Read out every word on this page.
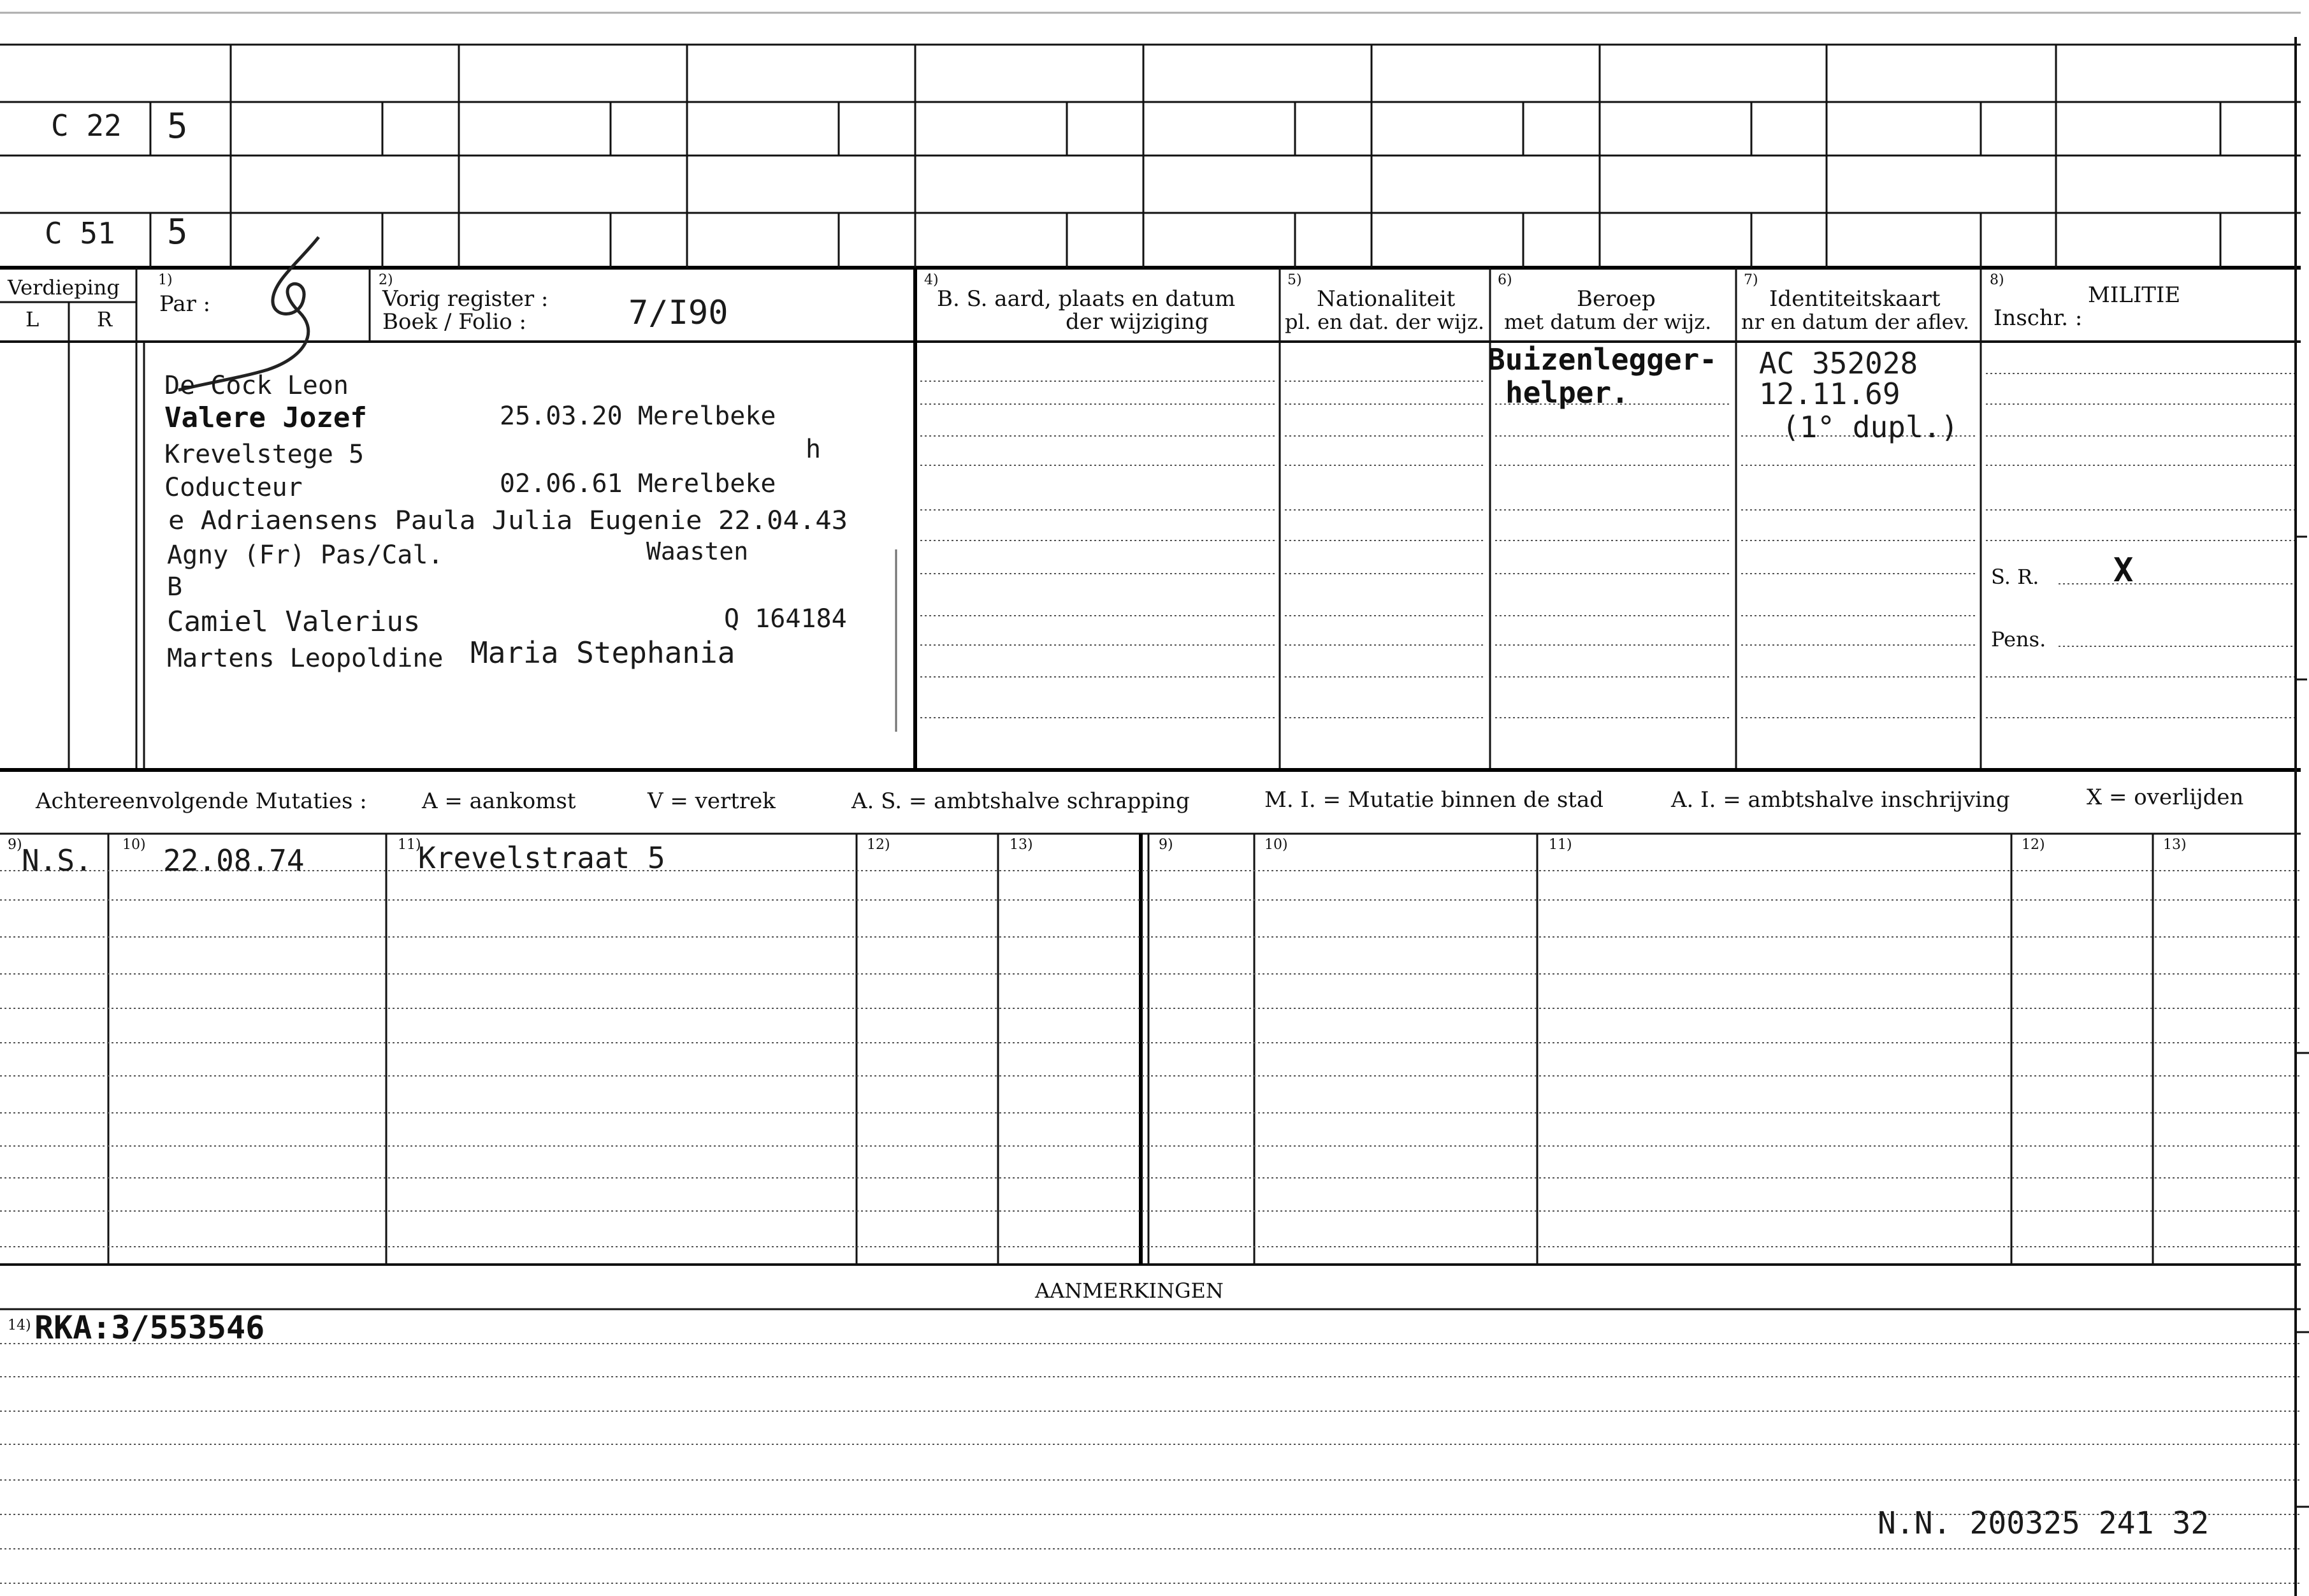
C 22 5
C 51 5
Verdieping
L	R
1)
Par :
2)
Vorig register :
Boek / Folio :	7/I90
4)
B. S. aard, plaats en datum
der wijziging
5)
Nationaliteit
pl. en dat. der wijz.
6)
Beroep
met datum der wijz.
7)
Identiteitskaart
nr en datum der aflev.
8)
MILITIE
Inschr. :
S. R. X
Pens.
De Cock Leon
Valere Jozef	25.03.20 Merelbeke
Krevelstege 5	h
Coducteur	02.06.61 Merelbeke
e Adriaensens Paula Julia Eugenie 22.04.43
Agny (Fr) Pas/Cal.	Waasten
B
Camiel Valerius	Q 164184
Martens Leopoldine Maria Stephania
Buizenlegger-
helper.
AC 352028
12.11.69
(1° dupl.)
Achtereenvolgende Mutaties :	A = aankomst	V = vertrek	A. S. = ambtshalve schrapping	M. I. = Mutatie binnen de stad	A. I. = ambtshalve inschrijving	X = overlijden
9)	10)	11)	12)	13)	9)	10)	11)	12)	13)
N.S. 22.08.74	Krevelstraat 5
AANMERKINGEN
14) RKA:3/553546
N.N. 200325 241 32
